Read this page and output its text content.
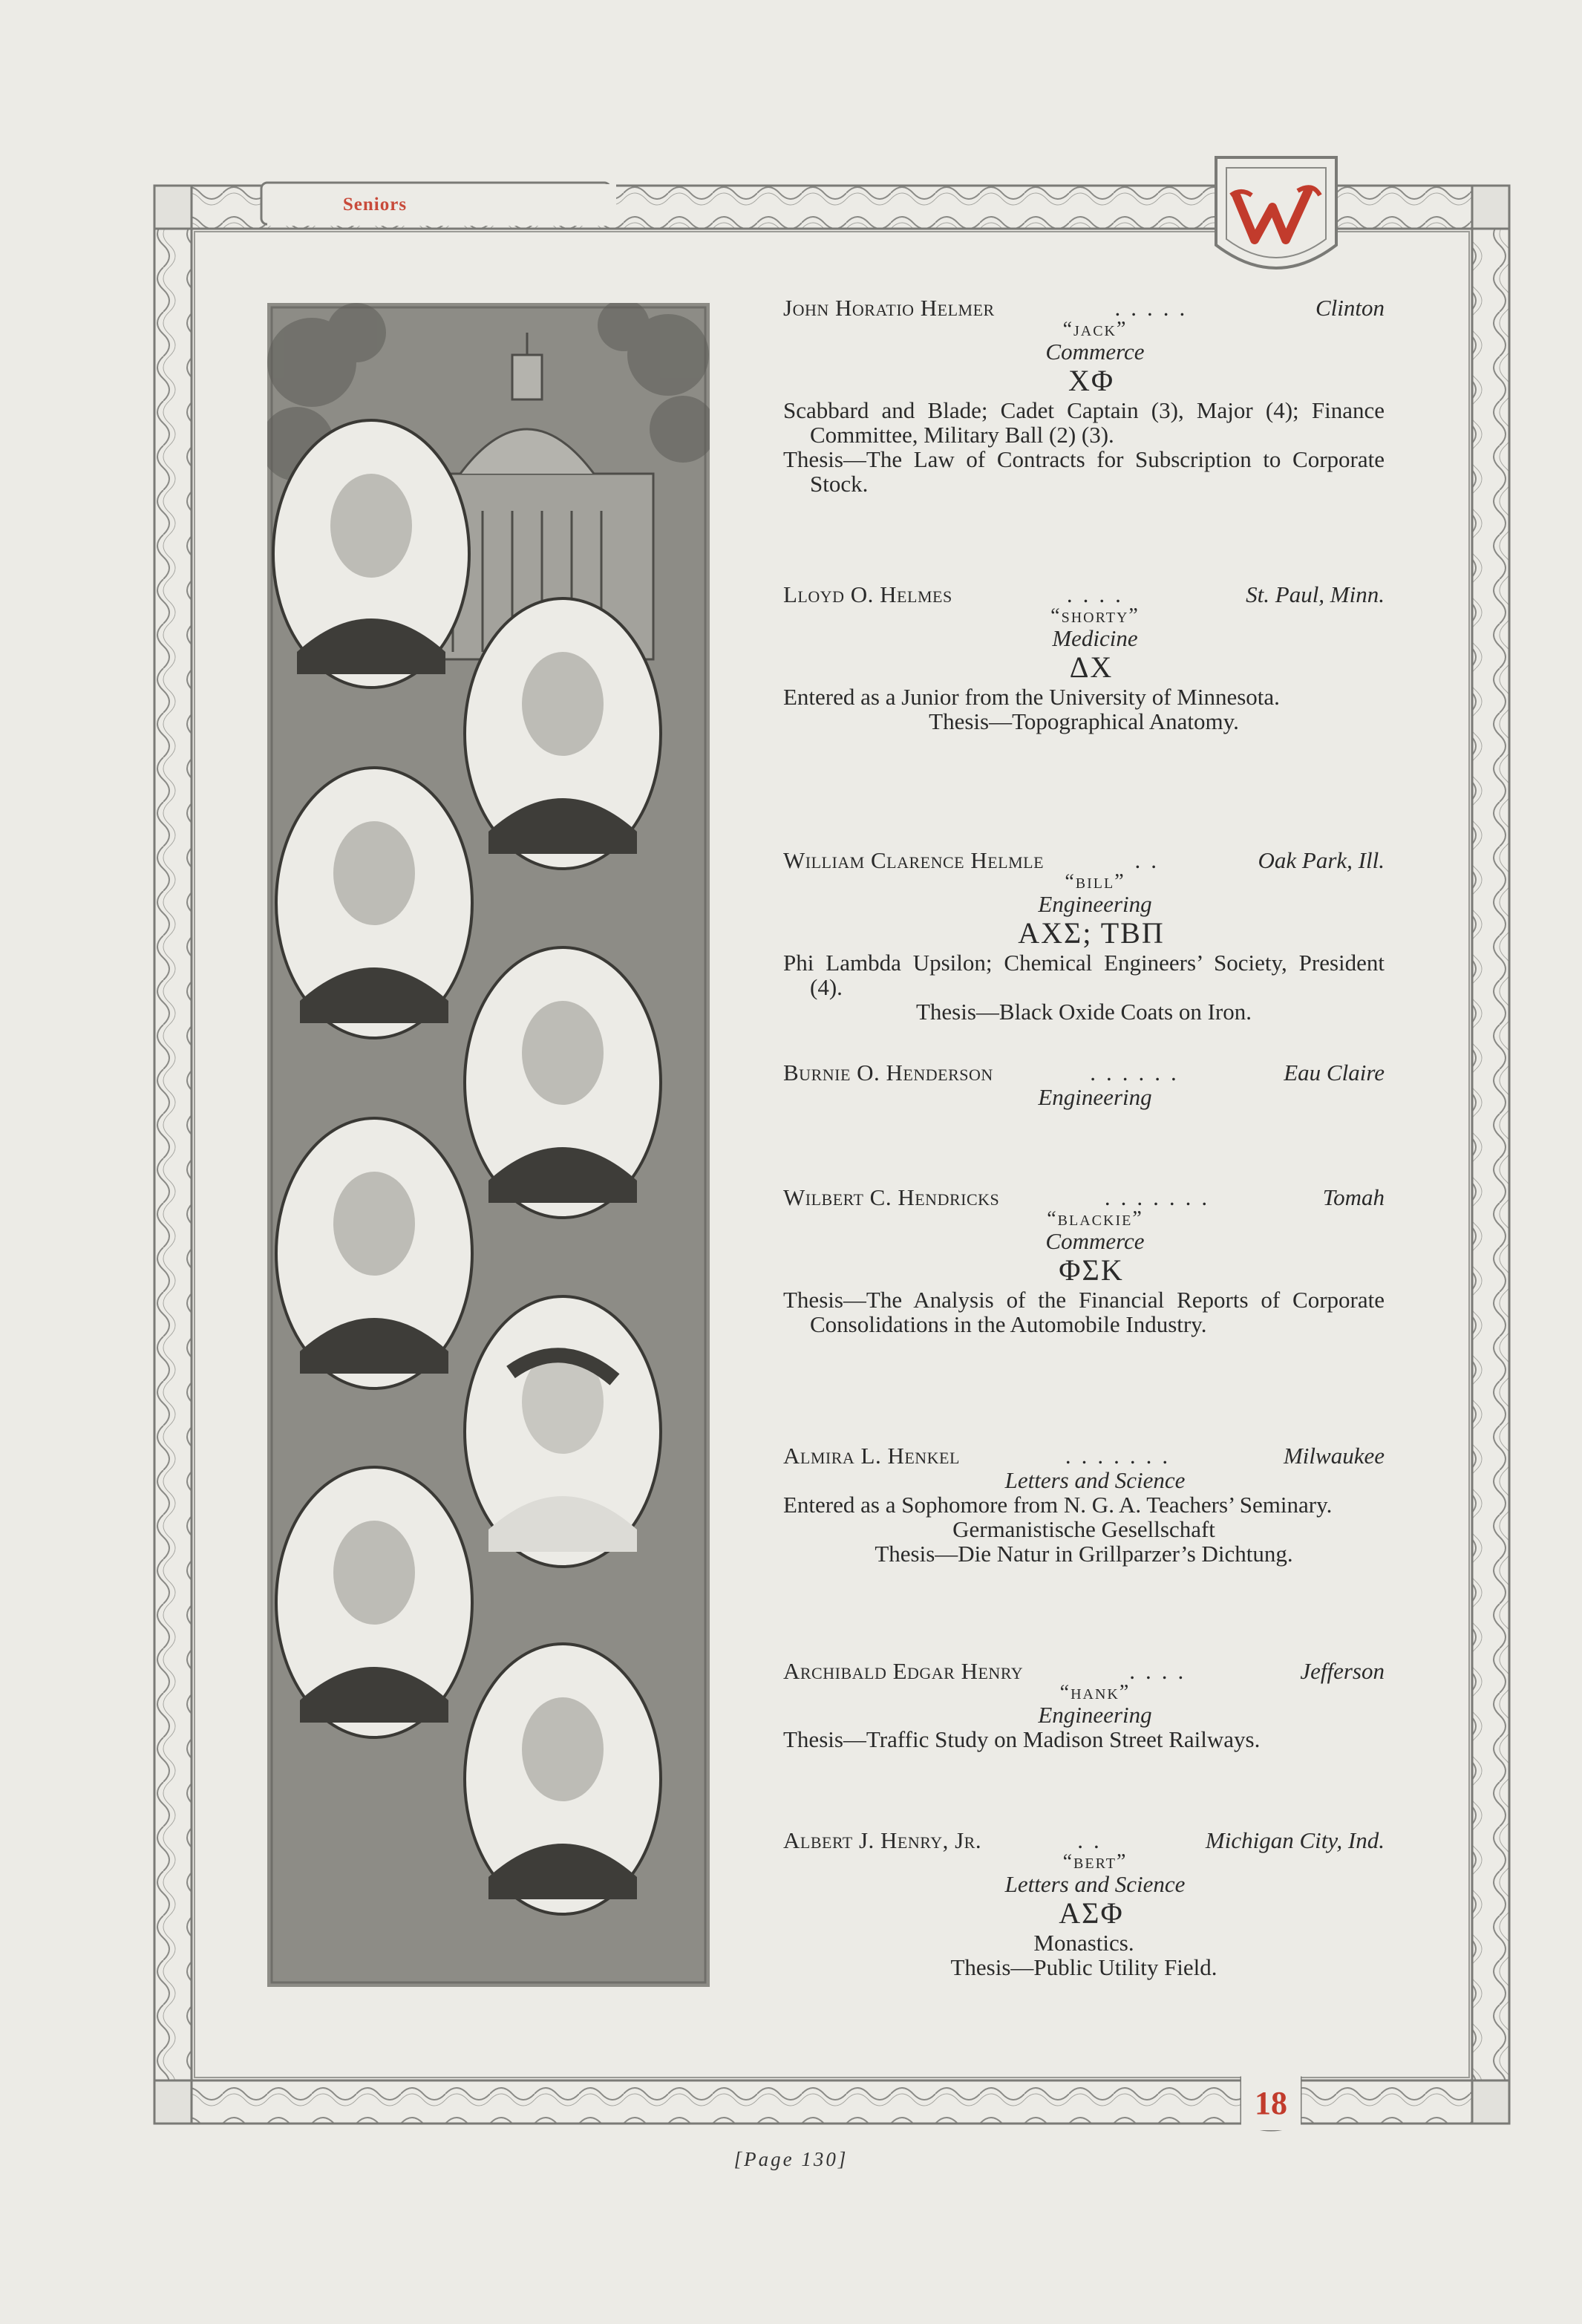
Seniors
18
John Horatio Helmer	.....	Clinton
“jack”
Commerce
ΧΦ
Scabbard and Blade; Cadet Captain (3), Major (4); Finance Committee, Military Ball (2) (3).
Thesis—The Law of Contracts for Subscription to Corporate Stock.
Lloyd O. Helmes	....	St. Paul, Minn.
“shorty”
Medicine
ΔΧ
Entered as a Junior from the University of Minnesota.
Thesis—Topographical Anatomy.
William Clarence Helmle	..	Oak Park, Ill.
“bill”
Engineering
ΑΧΣ; ΤΒΠ
Phi Lambda Upsilon; Chemical Engineers’ Society, President (4).
Thesis—Black Oxide Coats on Iron.
Burnie O. Henderson	......	Eau Claire
Engineering
Wilbert C. Hendricks	.......	Tomah
“blackie”
Commerce
ΦΣΚ
Thesis—The Analysis of the Financial Reports of Corporate Consolidations in the Automobile Industry.
Almira L. Henkel	.......	Milwaukee
Letters and Science
Entered as a Sophomore from N. G. A. Teachers’ Seminary.
Germanistische Gesellschaft
Thesis—Die Natur in Grillparzer’s Dichtung.
Archibald Edgar Henry	....	Jefferson
“hank”
Engineering
Thesis—Traffic Study on Madison Street Railways.
Albert J. Henry, Jr.	..	Michigan City, Ind.
“bert”
Letters and Science
ΑΣΦ
Monastics.
Thesis—Public Utility Field.
[Page 130]
